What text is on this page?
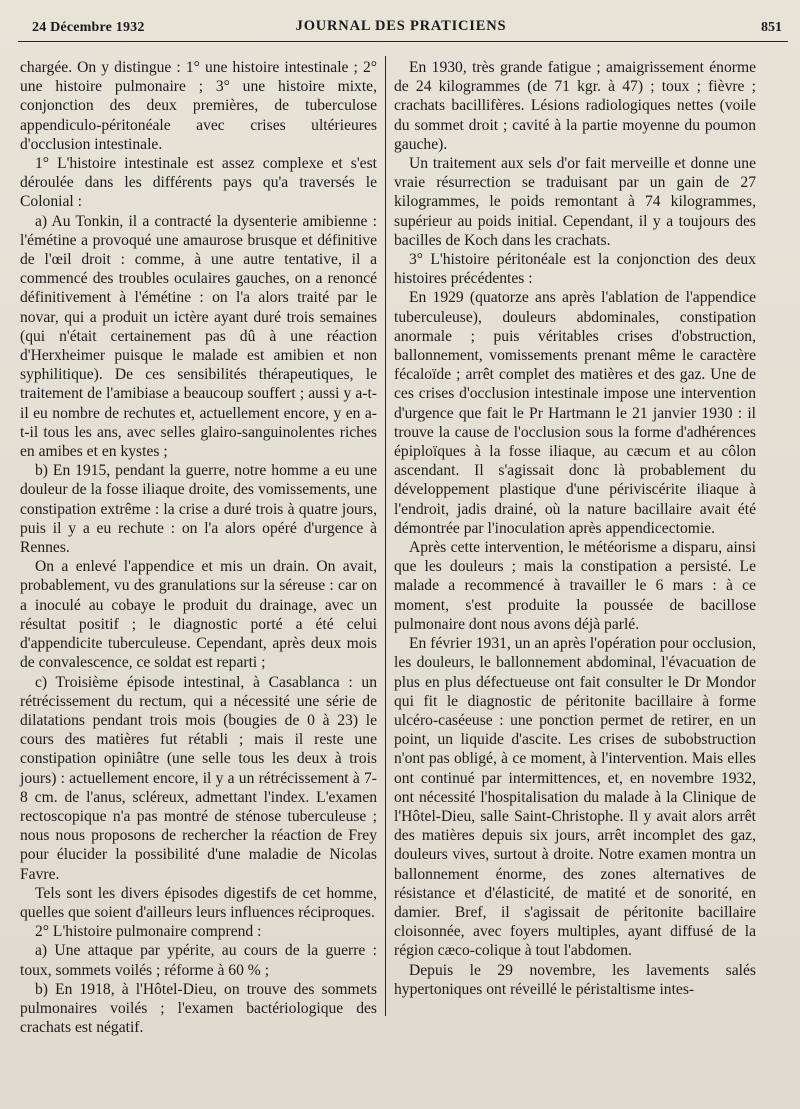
24 Décembre 1932	JOURNAL DES PRATICIENS	851

chargée. On y distingue : 1° une histoire intestinale ; 2° une histoire pulmonaire ; 3° une histoire mixte, conjonction des deux premières, de tuberculose appendiculo-péritonéale avec crises ultérieures d'occlusion intestinale.

1° L'histoire intestinale est assez complexe et s'est déroulée dans les différents pays qu'a traversés le Colonial :

a) Au Tonkin, il a contracté la dysenterie amibienne : l'émétine a provoqué une amaurose brusque et définitive de l'œil droit : comme, à une autre tentative, il a commencé des troubles oculaires gauches, on a renoncé définitivement à l'émétine : on l'a alors traité par le novar, qui a produit un ictère ayant duré trois semaines (qui n'était certainement pas dû à une réaction d'Herxheimer puisque le malade est amibien et non syphilitique). De ces sensibilités thérapeutiques, le traitement de l'amibiase a beaucoup souffert ; aussi y a-t-il eu nombre de rechutes et, actuellement encore, y en a-t-il tous les ans, avec selles glairo-sanguinolentes riches en amibes et en kystes ;

b) En 1915, pendant la guerre, notre homme a eu une douleur de la fosse iliaque droite, des vomissements, une constipation extrême : la crise a duré trois à quatre jours, puis il y a eu rechute : on l'a alors opéré d'urgence à Rennes.

On a enlevé l'appendice et mis un drain. On avait, probablement, vu des granulations sur la séreuse : car on a inoculé au cobaye le produit du drainage, avec un résultat positif ; le diagnostic porté a été celui d'appendicite tuberculeuse. Cependant, après deux mois de convalescence, ce soldat est reparti ;

c) Troisième épisode intestinal, à Casablanca : un rétrécissement du rectum, qui a nécessité une série de dilatations pendant trois mois (bougies de 0 à 23) le cours des matières fut rétabli ; mais il reste une constipation opiniâtre (une selle tous les deux à trois jours) : actuellement encore, il y a un rétrécissement à 7-8 cm. de l'anus, scléreux, admettant l'index. L'examen rectoscopique n'a pas montré de sténose tuberculeuse ; nous nous proposons de rechercher la réaction de Frey pour élucider la possibilité d'une maladie de Nicolas Favre.

Tels sont les divers épisodes digestifs de cet homme, quelles que soient d'ailleurs leurs influences réciproques.

2° L'histoire pulmonaire comprend :

a) Une attaque par ypérite, au cours de la guerre : toux, sommets voilés ; réforme à 60 % ;

b) En 1918, à l'Hôtel-Dieu, on trouve des sommets pulmonaires voilés ; l'examen bactériologique des crachats est négatif.

En 1930, très grande fatigue ; amaigrissement énorme de 24 kilogrammes (de 71 kgr. à 47) ; toux ; fièvre ; crachats bacillifères. Lésions radiologiques nettes (voile du sommet droit ; cavité à la partie moyenne du poumon gauche).

Un traitement aux sels d'or fait merveille et donne une vraie résurrection se traduisant par un gain de 27 kilogrammes, le poids remontant à 74 kilogrammes, supérieur au poids initial. Cependant, il y a toujours des bacilles de Koch dans les crachats.

3° L'histoire péritonéale est la conjonction des deux histoires précédentes :

En 1929 (quatorze ans après l'ablation de l'appendice tuberculeuse), douleurs abdominales, constipation anormale ; puis véritables crises d'obstruction, ballonnement, vomissements prenant même le caractère fécaloïde ; arrêt complet des matières et des gaz. Une de ces crises d'occlusion intestinale impose une intervention d'urgence que fait le Pr Hartmann le 21 janvier 1930 : il trouve la cause de l'occlusion sous la forme d'adhérences épiploïques à la fosse iliaque, au cæcum et au côlon ascendant. Il s'agissait donc là probablement du développement plastique d'une périviscérite iliaque à l'endroit, jadis drainé, où la nature bacillaire avait été démontrée par l'inoculation après appendicectomie.

Après cette intervention, le météorisme a disparu, ainsi que les douleurs ; mais la constipation a persisté. Le malade a recommencé à travailler le 6 mars : à ce moment, s'est produite la poussée de bacillose pulmonaire dont nous avons déjà parlé.

En février 1931, un an après l'opération pour occlusion, les douleurs, le ballonnement abdominal, l'évacuation de plus en plus défectueuse ont fait consulter le Dr Mondor qui fit le diagnostic de péritonite bacillaire à forme ulcéro-caséeuse : une ponction permet de retirer, en un point, un liquide d'ascite. Les crises de subobstruction n'ont pas obligé, à ce moment, à l'intervention. Mais elles ont continué par intermittences, et, en novembre 1932, ont nécessité l'hospitalisation du malade à la Clinique de l'Hôtel-Dieu, salle Saint-Christophe. Il y avait alors arrêt des matières depuis six jours, arrêt incomplet des gaz, douleurs vives, surtout à droite. Notre examen montra un ballonnement énorme, des zones alternatives de résistance et d'élasticité, de matité et de sonorité, en damier. Bref, il s'agissait de péritonite bacillaire cloisonnée, avec foyers multiples, ayant diffusé de la région cæco-colique à tout l'abdomen.

Depuis le 29 novembre, les lavements salés hypertoniques ont réveillé le péristaltisme intes-
